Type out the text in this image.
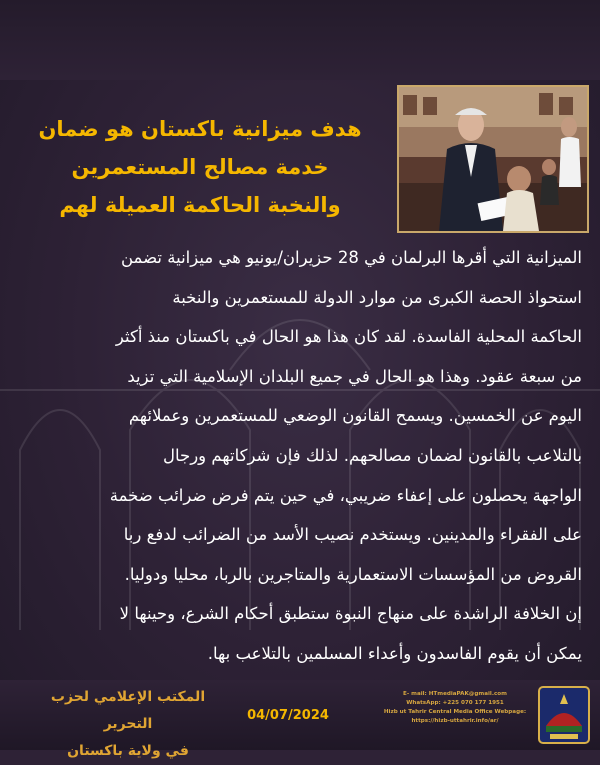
هدف ميزانية باكستان هو ضمان
خدمة مصالح المستعمرين
والنخبة الحاكمة العميلة لهم
الميزانية التي أقرها البرلمان في 28 حزيران/يونيو هي ميزانية تضمن
استحواذ الحصة الكبرى من موارد الدولة للمستعمرين والنخبة
الحاكمة المحلية الفاسدة. لقد كان هذا هو الحال في باكستان منذ أكثر
من سبعة عقود. وهذا هو الحال في جميع البلدان الإسلامية التي تزيد
اليوم عن الخمسين. ويسمح القانون الوضعي للمستعمرين وعملائهم
بالتلاعب بالقانون لضمان مصالحهم. لذلك فإن شركاتهم ورجال
الواجهة يحصلون على إعفاء ضريبي، في حين يتم فرض ضرائب ضخمة
على الفقراء والمدينين. ويستخدم نصيب الأسد من الضرائب لدفع ربا
القروض من المؤسسات الاستعمارية والمتاجرين بالربا، محليا ودوليا.
إن الخلافة الراشدة على منهاج النبوة ستطبق أحكام الشرع، وحينها لا
يمكن أن يقوم الفاسدون وأعداء المسلمين بالتلاعب بها.
المكتب الإعلامي لحزب التحرير
في ولاية باكستان
04/07/2024
E- mail: HTmediaPAK@gmail.com
WhatsApp: +225 070 177 1951
Hizb ut Tahrir Central Media Office Webpage:
https://hizb-uttahrir.info/ar/
